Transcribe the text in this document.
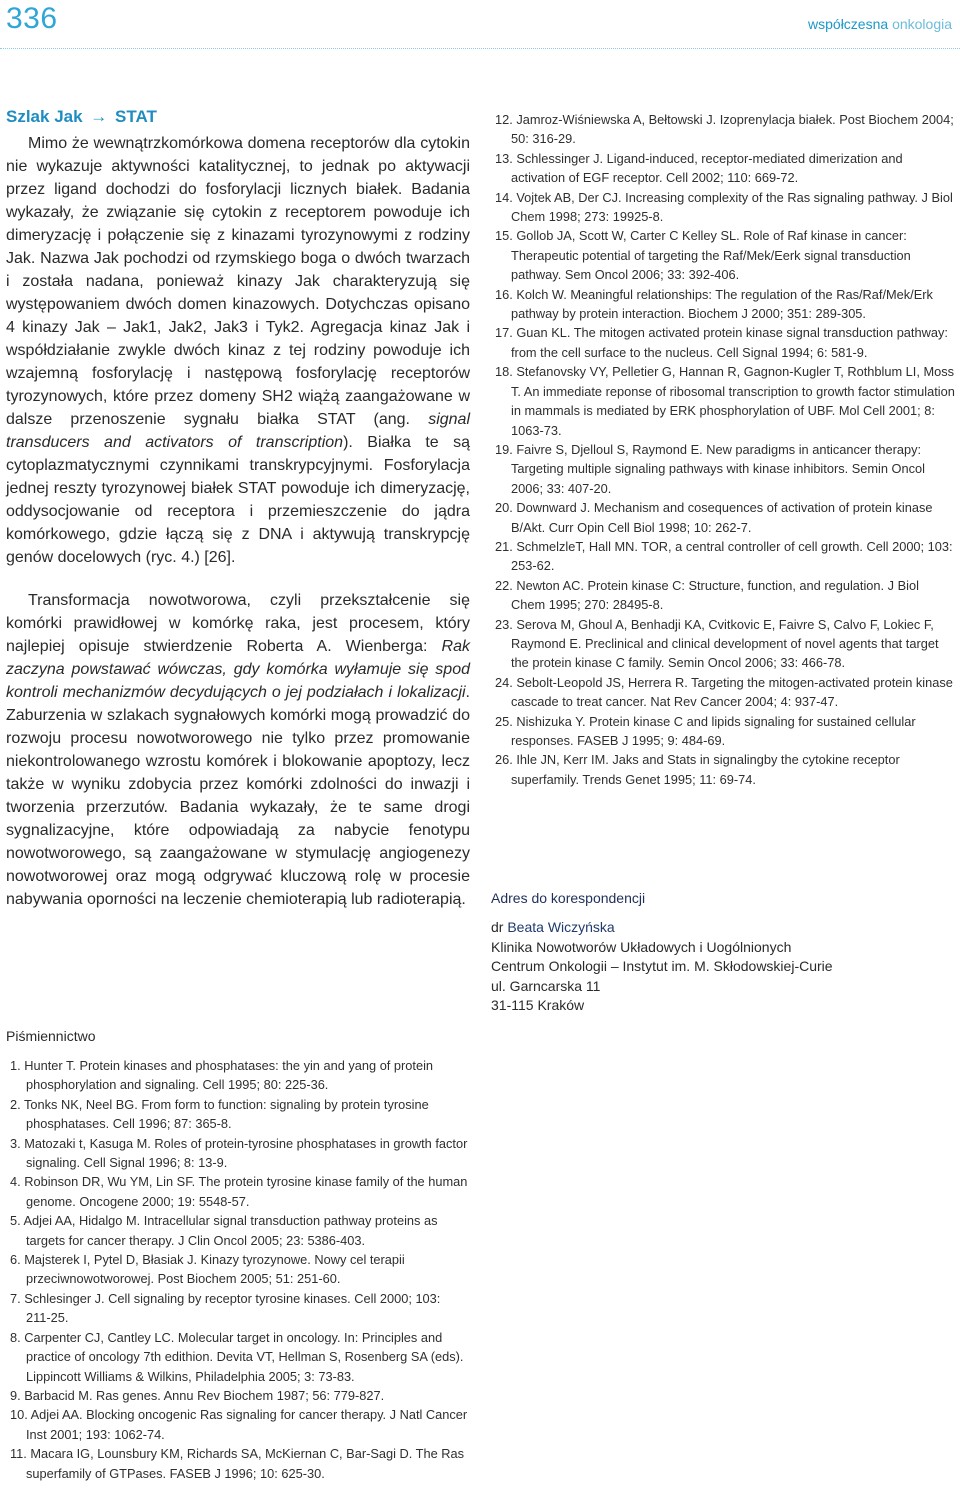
336	współczesna onkologia
Szlak Jak → STAT

Mimo że wewnątrzkomórkowa domena receptorów dla cytokin nie wykazuje aktywności katalitycznej, to jednak po aktywacji przez ligand dochodzi do fosforylacji licznych białek. Badania wykazały, że związanie się cytokin z receptorem powoduje ich dimeryzację i połączenie się z kinazami tyrozynowymi z rodziny Jak. Nazwa Jak pochodzi od rzymskiego boga o dwóch twarzach i została nadana, ponieważ kinazy Jak charakteryzują się występowaniem dwóch domen kinazowych. Dotychczas opisano 4 kinazy Jak – Jak1, Jak2, Jak3 i Tyk2. Agregacja kinaz Jak i współdziałanie zwykle dwóch kinaz z tej rodziny powoduje ich wzajemną fosforylację i następową fosforylację receptorów tyrozynowych, które przez domeny SH2 wiążą zaangażowane w dalsze przenoszenie sygnału białka STAT (ang. signal transducers and activators of transcription). Białka te są cytoplazmatycznymi czynnikami transkrypcyjnymi. Fosforylacja jednej reszty tyrozynowej białek STAT powoduje ich dimeryzację, oddysocjowanie od receptora i przemieszczenie do jądra komórkowego, gdzie łączą się z DNA i aktywują transkrypcję genów docelowych (ryc. 4.) [26].

Transformacja nowotworowa, czyli przekształcenie się komórki prawidłowej w komórkę raka, jest procesem, który najlepiej opisuje stwierdzenie Roberta A. Wienberga: Rak zaczyna powstawać wówczas, gdy komórka wyłamuje się spod kontroli mechanizmów decydujących o jej podziałach i lokalizacji. Zaburzenia w szlakach sygnałowych komórki mogą prowadzić do rozwoju procesu nowotworowego nie tylko przez promowanie niekontrolowanego wzrostu komórek i blokowanie apoptozy, lecz także w wyniku zdobycia przez komórki zdolności do inwazji i tworzenia przerzutów. Badania wykazały, że te same drogi sygnalizacyjne, które odpowiadają za nabycie fenotypu nowotworowego, są zaangażowane w stymulację angiogenezy nowotworowej oraz mogą odgrywać kluczową rolę w procesie nabywania oporności na leczenie chemioterapią lub radioterapią.

Piśmiennictwo
1. Hunter T. Protein kinases and phosphatases: the yin and yang of protein phosphorylation and signaling. Cell 1995; 80: 225-36.
2. Tonks NK, Neel BG. From form to function: signaling by protein tyrosine phosphatases. Cell 1996; 87: 365-8.
3. Matozaki t, Kasuga M. Roles of protein-tyrosine phosphatases in growth factor signaling. Cell Signal 1996; 8: 13-9.
4. Robinson DR, Wu YM, Lin SF. The protein tyrosine kinase family of the human genome. Oncogene 2000; 19: 5548-57.
5. Adjei AA, Hidalgo M. Intracellular signal transduction pathway proteins as targets for cancer therapy. J Clin Oncol 2005; 23: 5386-403.
6. Majsterek I, Pytel D, Błasiak J. Kinazy tyrozynowe. Nowy cel terapii przeciwnowotworowej. Post Biochem 2005; 51: 251-60.
7. Schlesinger J. Cell signaling by receptor tyrosine kinases. Cell 2000; 103: 211-25.
8. Carpenter CJ, Cantley LC. Molecular target in oncology. In: Principles and practice of oncology 7th edithion. Devita VT, Hellman S, Rosenberg SA (eds). Lippincott Williams & Wilkins, Philadelphia 2005; 3: 73-83.
9. Barbacid M. Ras genes. Annu Rev Biochem 1987; 56: 779-827.
10. Adjei AA. Blocking oncogenic Ras signaling for cancer therapy. J Natl Cancer Inst 2001; 193: 1062-74.
11. Macara IG, Lounsbury KM, Richards SA, McKiernan C, Bar-Sagi D. The Ras superfamily of GTPases. FASEB J 1996; 10: 625-30.
12. Jamroz-Wiśniewska A, Bełtowski J. Izoprenylacja białek. Post Biochem 2004; 50: 316-29.
13. Schlessinger J. Ligand-induced, receptor-mediated dimerization and activation of EGF receptor. Cell 2002; 110: 669-72.
14. Vojtek AB, Der CJ. Increasing complexity of the Ras signaling pathway. J Biol Chem 1998; 273: 19925-8.
15. Gollob JA, Scott W, Carter C Kelley SL. Role of Raf kinase in cancer: Therapeutic potential of targeting the Raf/Mek/Eerk signal transduction pathway. Sem Oncol 2006; 33: 392-406.
16. Kolch W. Meaningful relationships: The regulation of the Ras/Raf/Mek/Erk pathway by protein interaction. Biochem J 2000; 351: 289-305.
17. Guan KL. The mitogen activated protein kinase signal transduction pathway: from the cell surface to the nucleus. Cell Signal 1994; 6: 581-9.
18. Stefanovsky VY, Pelletier G, Hannan R, Gagnon-Kugler T, Rothblum LI, Moss T. An immediate reponse of ribosomal transcription to growth factor stimulation in mammals is mediated by ERK phosphorylation of UBF. Mol Cell 2001; 8: 1063-73.
19. Faivre S, Djelloul S, Raymond E. New paradigms in anticancer therapy: Targeting multiple signaling pathways with kinase inhibitors. Semin Oncol 2006; 33: 407-20.
20. Downward J. Mechanism and cosequences of activation of protein kinase B/Akt. Curr Opin Cell Biol 1998; 10: 262-7.
21. SchmelzleT, Hall MN. TOR, a central controller of cell growth. Cell 2000; 103: 253-62.
22. Newton AC. Protein kinase C: Structure, function, and regulation. J Biol Chem 1995; 270: 28495-8.
23. Serova M, Ghoul A, Benhadji KA, Cvitkovic E, Faivre S, Calvo F, Lokiec F, Raymond E. Preclinical and clinical development of novel agents that target the protein kinase C family. Semin Oncol 2006; 33: 466-78.
24. Sebolt-Leopold JS, Herrera R. Targeting the mitogen-activated protein kinase cascade to treat cancer. Nat Rev Cancer 2004; 4: 937-47.
25. Nishizuka Y. Protein kinase C and lipids signaling for sustained cellular responses. FASEB J 1995; 9: 484-69.
26. Ihle JN, Kerr IM. Jaks and Stats in signalingby the cytokine receptor superfamily. Trends Genet 1995; 11: 69-74.
Adres do korespondencji
dr Beata Wiczyńska
Klinika Nowotworów Układowych i Uogólnionych
Centrum Onkologii – Instytut im. M. Skłodowskiej-Curie
ul. Garncarska 11
31-115 Kraków
